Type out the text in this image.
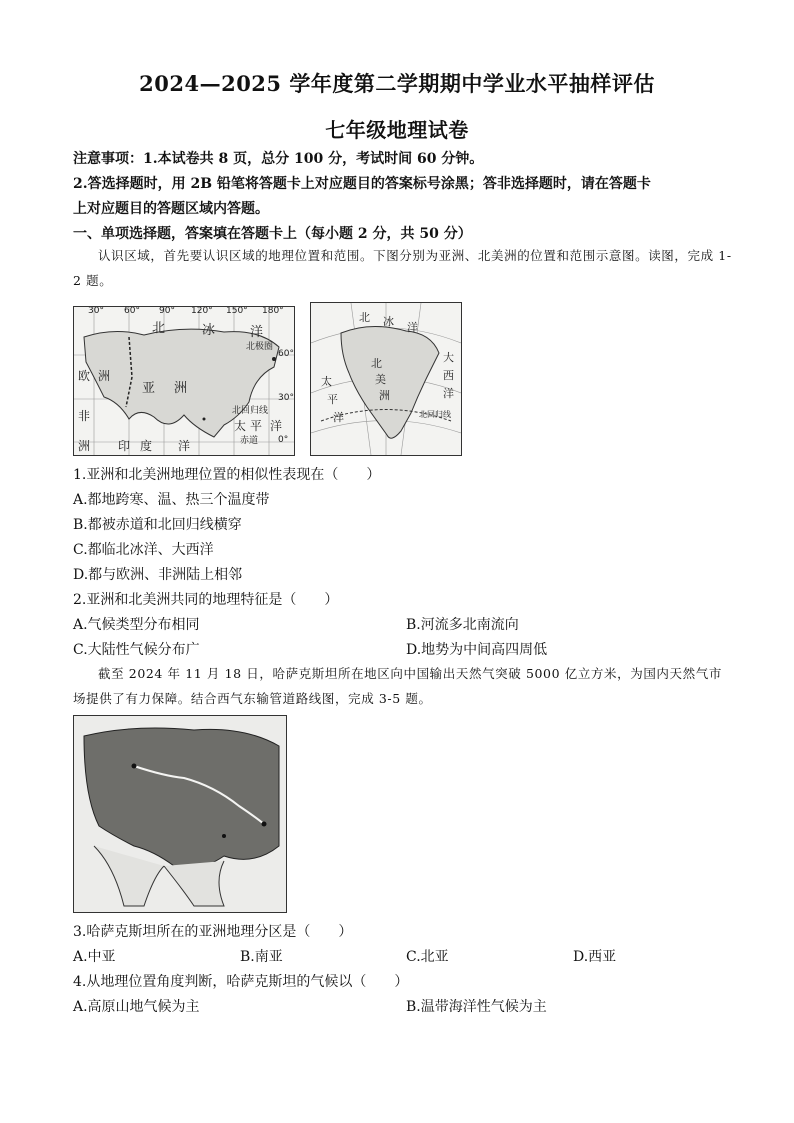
2024—2025 学年度第二学期期中学业水平抽样评估
七年级地理试卷
注意事项：1.本试卷共 8 页，总分 100 分，考试时间 60 分钟。
2.答选择题时，用 2B 铅笔将答题卡上对应题目的答案标号涂黑；答非选择题时，请在答题卡
上对应题目的答题区域内答题。
一、单项选择题，答案填在答题卡上（每小题 2 分，共 50 分）
认识区域，首先要认识区域的地理位置和范围。下图分别为亚洲、北美洲的位置和范围示意图。读图，完成 1-2 题。
30° 60° 90° 120° 150° 180°
北	冰	洋
北极圈
60°
欧 洲
亚 洲
30°
非	北回归线
太 平 洋
洲 印 度 洋	赤道 0°
北 冰 洋
北
美
洲
太
平
洋
大
西
洋
北回归线
1.亚洲和北美洲地理位置的相似性表现在（　　）
A.都地跨寒、温、热三个温度带
B.都被赤道和北回归线横穿
C.都临北冰洋、大西洋
D.都与欧洲、非洲陆上相邻
2.亚洲和北美洲共同的地理特征是（　　）
A.气候类型分布相同	B.河流多北南流向
C.大陆性气候分布广	D.地势为中间高四周低
截至 2024 年 11 月 18 日，哈萨克斯坦所在地区向中国输出天然气突破 5000 亿立方米，为国内天然气市场提供了有力保障。结合西气东输管道路线图，完成 3-5 题。
3.哈萨克斯坦所在的亚洲地理分区是（　　）
A.中亚	B.南亚	C.北亚	D.西亚
4.从地理位置角度判断，哈萨克斯坦的气候以（　　）
A.高原山地气候为主	B.温带海洋性气候为主
